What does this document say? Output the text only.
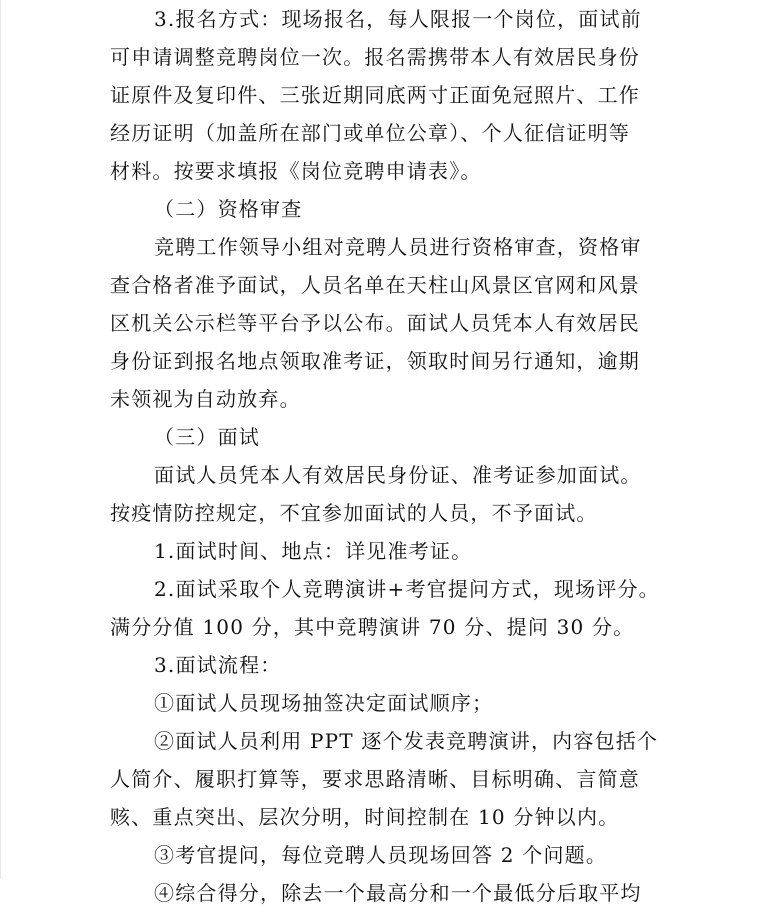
3.报名方式：现场报名，每人限报一个岗位，面试前
可申请调整竞聘岗位一次。报名需携带本人有效居民身份
证原件及复印件、三张近期同底两寸正面免冠照片、工作
经历证明（加盖所在部门或单位公章）、个人征信证明等
材料。按要求填报《岗位竞聘申请表》。
（二）资格审查
竞聘工作领导小组对竞聘人员进行资格审查，资格审
查合格者准予面试，人员名单在天柱山风景区官网和风景
区机关公示栏等平台予以公布。面试人员凭本人有效居民
身份证到报名地点领取准考证，领取时间另行通知，逾期
未领视为自动放弃。
（三）面试
面试人员凭本人有效居民身份证、准考证参加面试。
按疫情防控规定，不宜参加面试的人员，不予面试。
1.面试时间、地点：详见准考证。
2.面试采取个人竞聘演讲+考官提问方式，现场评分。
满分分值 100 分，其中竞聘演讲 70 分、提问 30 分。
3.面试流程：
①面试人员现场抽签决定面试顺序；
②面试人员利用 PPT 逐个发表竞聘演讲，内容包括个
人简介、履职打算等，要求思路清晰、目标明确、言简意
赅、重点突出、层次分明，时间控制在 10 分钟以内。
③考官提问，每位竞聘人员现场回答 2 个问题。
④综合得分，除去一个最高分和一个最低分后取平均
